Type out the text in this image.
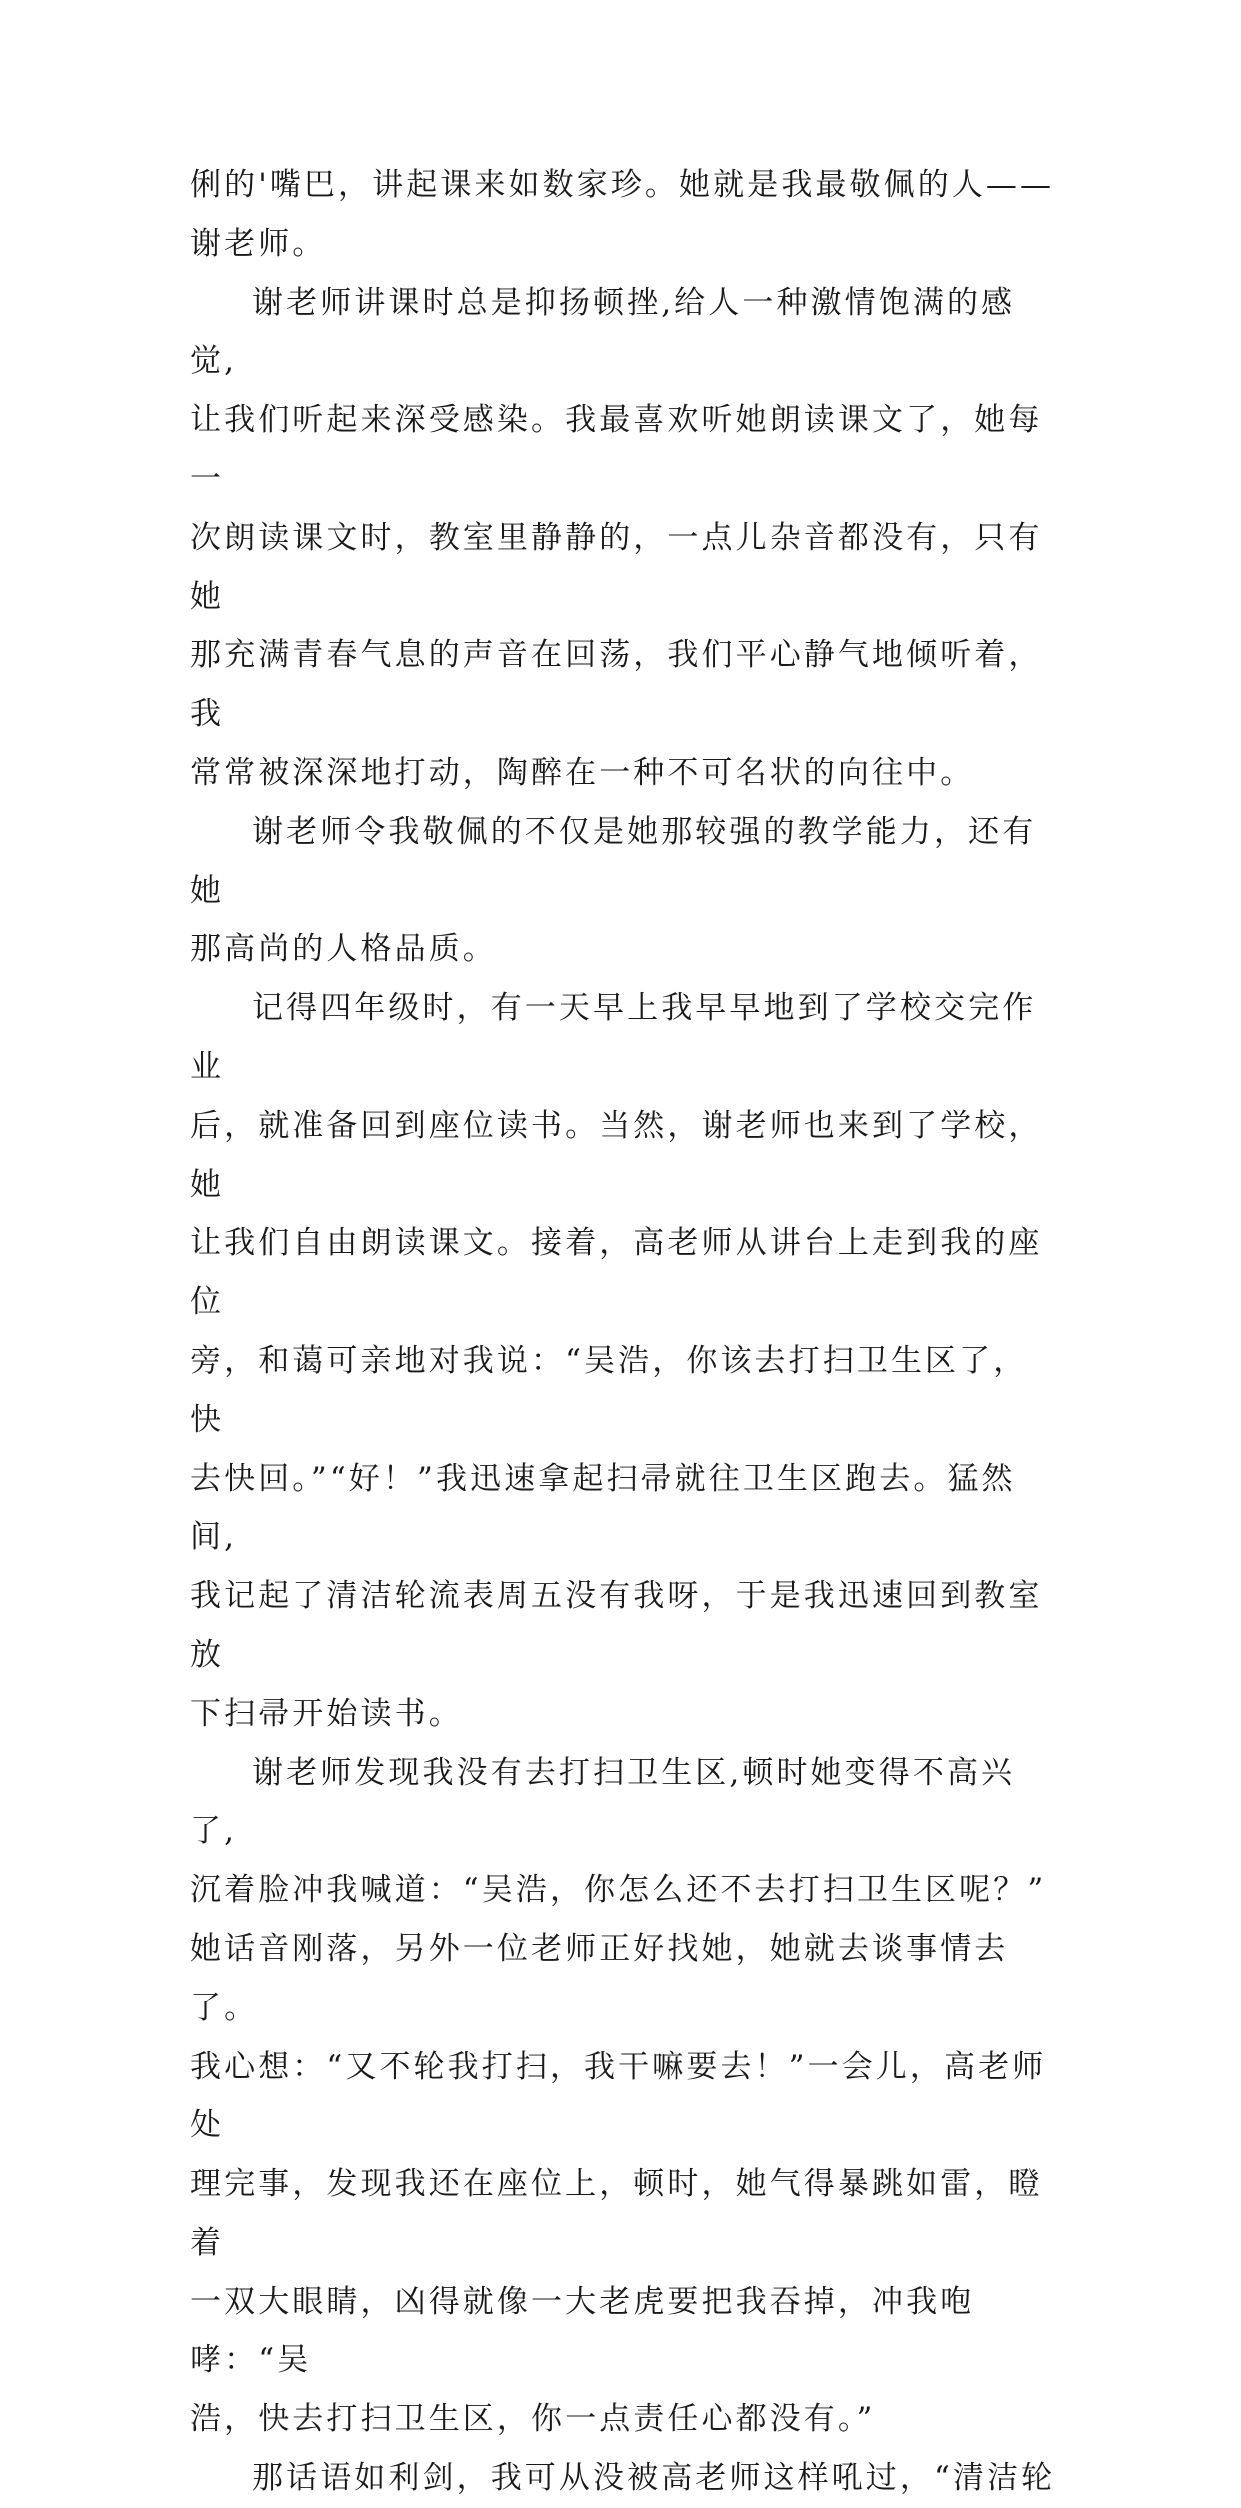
俐的'嘴巴，讲起课来如数家珍。她就是我最敬佩的人——
谢老师。

谢老师讲课时总是抑扬顿挫,给人一种激情饱满的感觉,
让我们听起来深受感染。我最喜欢听她朗读课文了，她每一
次朗读课文时，教室里静静的，一点儿杂音都没有，只有她
那充满青春气息的声音在回荡，我们平心静气地倾听着，我
常常被深深地打动，陶醉在一种不可名状的向往中。

谢老师令我敬佩的不仅是她那较强的教学能力，还有她
那高尚的人格品质。

记得四年级时，有一天早上我早早地到了学校交完作业
后，就准备回到座位读书。当然，谢老师也来到了学校，她
让我们自由朗读课文。接着，高老师从讲台上走到我的座位
旁，和蔼可亲地对我说：“吴浩，你该去打扫卫生区了，快
去快回。”“好！”我迅速拿起扫帚就往卫生区跑去。猛然间,
我记起了清洁轮流表周五没有我呀，于是我迅速回到教室放
下扫帚开始读书。

谢老师发现我没有去打扫卫生区,顿时她变得不高兴了,
沉着脸冲我喊道：“吴浩，你怎么还不去打扫卫生区呢？”
她话音刚落，另外一位老师正好找她，她就去谈事情去了。
我心想：“又不轮我打扫，我干嘛要去！”一会儿，高老师处
理完事，发现我还在座位上，顿时，她气得暴跳如雷，瞪着
一双大眼睛，凶得就像一大老虎要把我吞掉，冲我咆哮：“吴
浩，快去打扫卫生区，你一点责任心都没有。”

那话语如利剑，我可从没被高老师这样吼过，“清洁轮
